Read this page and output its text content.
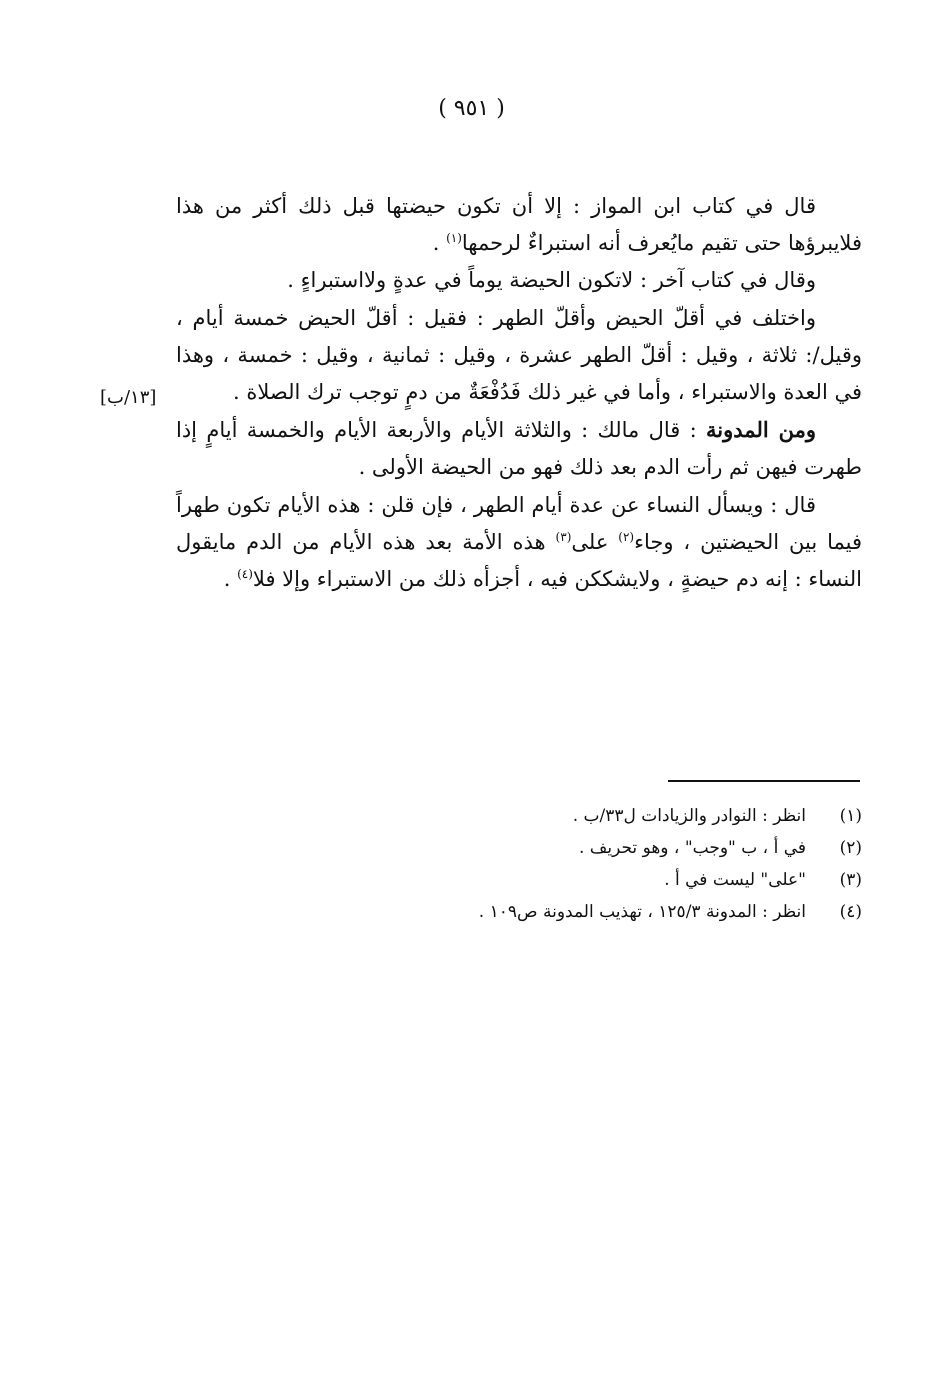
( ٩٥١ )

قال في كتاب ابن المواز : إلا أن تكون حيضتها قبل ذلك أكثر من هذا فلايبرؤها حتى تقيم مايُعرف أنه استبراءٌ لرحمها$^{(١)}$ .

وقال في كتاب آخر : لاتكون الحيضة يوماً في عدةٍ ولااستبراءٍ .

واختلف في أقلّ الحيض وأقلّ الطهر : فقيل : أقلّ الحيض خمسة أيام ، وقيل/: ثلاثة ، وقيل : أقلّ الطهر عشرة ، وقيل : ثمانية ، وقيل : خمسة ، وهذا في العدة والاستبراء ، وأما في غير ذلك فَدُفْعَةٌ من دمٍ توجب ترك الصلاة .

ومن المدونة : قال مالك : والثلاثة الأيام والأربعة الأيام والخمسة أيامٍ إذا طهرت فيهن ثم رأت الدم بعد ذلك فهو من الحيضة الأولى .

قال : ويسأل النساء عن عدة أيام الطهر ، فإن قلن : هذه الأيام تكون طهراً فيما بين الحيضتين ، وجاء$^{(٢)}$ على$^{(٣)}$ هذه الأمة بعد هذه الأيام من الدم مايقول النساء : إنه دم حيضةٍ ، ولايشككن فيه ، أجزأه ذلك من الاستبراء وإلا فلا$^{(٤)}$ .

[١٣/ب]
(١)
انظر : النوادر والزيادات ل٣٣/ب .
(٢)
في أ ، ب "وجب" ، وهو تحريف .
(٣)
"على" ليست في أ .
(٤)
انظر : المدونة ١٢٥/٣ ، تهذيب المدونة ص١٠٩ .
